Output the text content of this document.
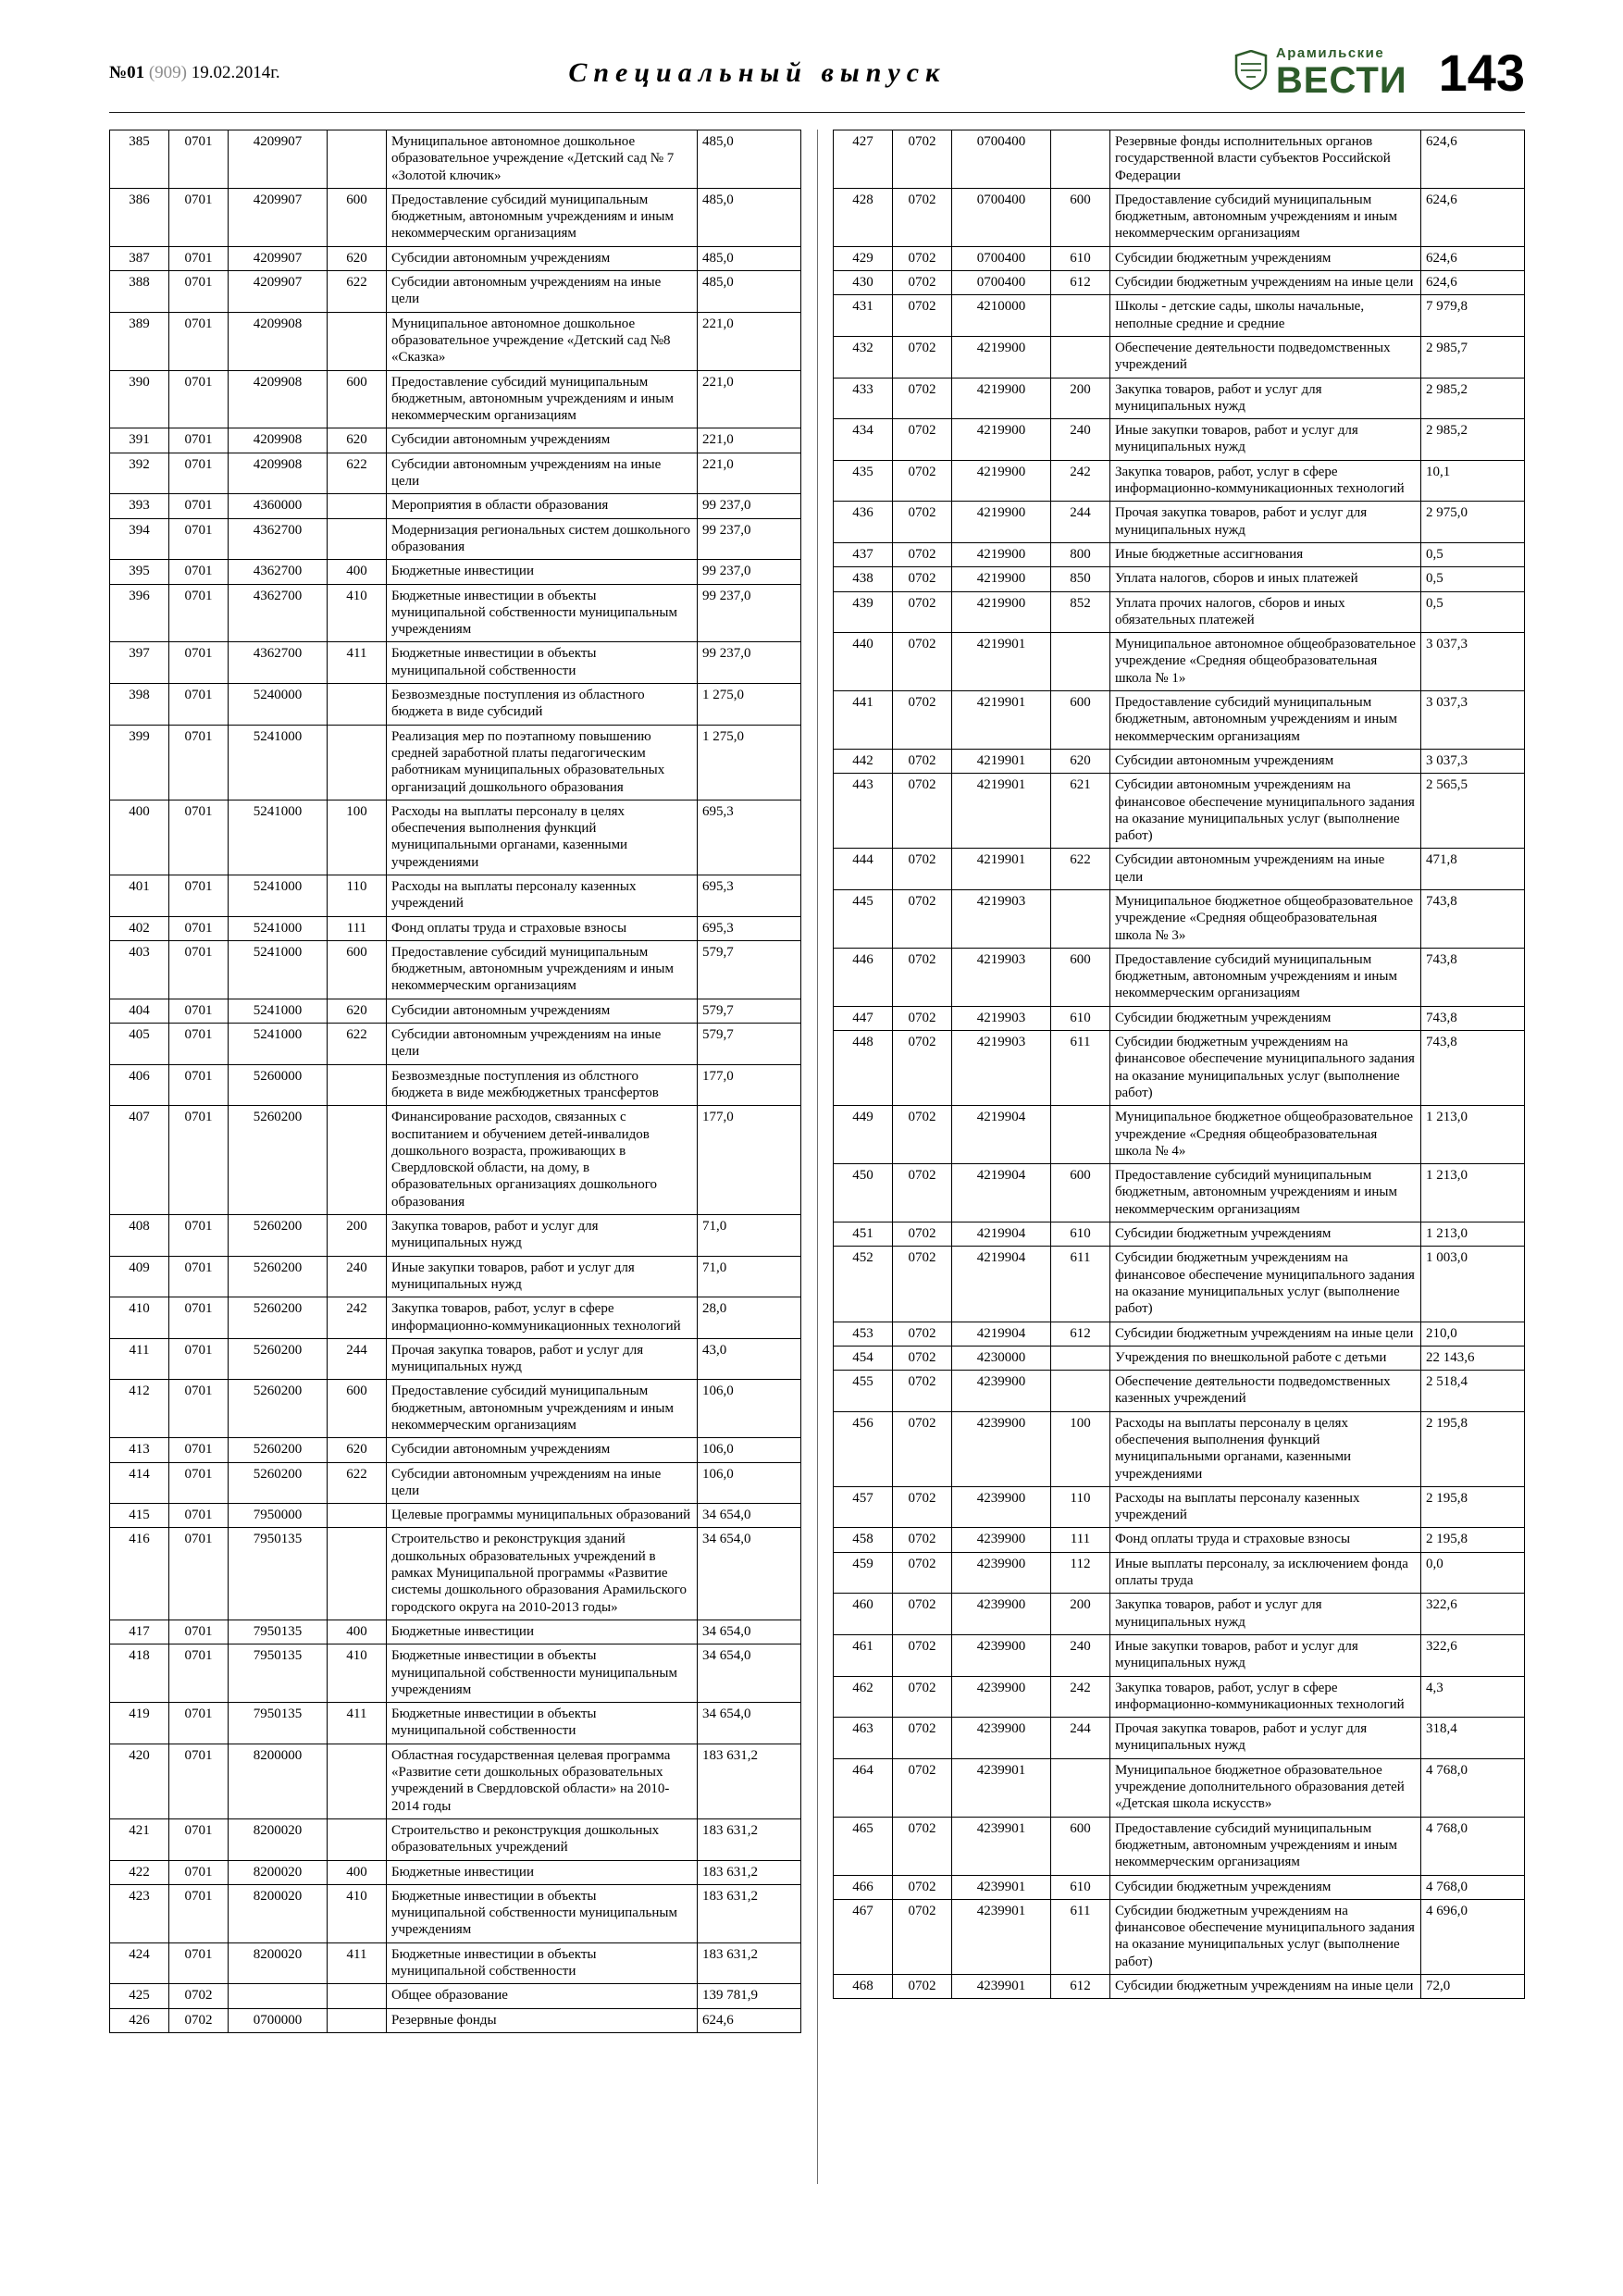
№01 (909) 19.02.2014г.	Специальный выпуск
Арамильские
ВЕСТИ 143
385	0701	4209907		Муниципальное автономное дошкольное образовательное учреждение «Детский сад № 7 «Золотой ключик»	485,0
386	0701	4209907	600	Предоставление субсидий муниципальным бюджетным, автономным учреждениям и иным некоммерческим организациям	485,0
387	0701	4209907	620	Субсидии автономным учреждениям	485,0
388	0701	4209907	622	Субсидии автономным учреждениям на иные цели	485,0
389	0701	4209908		Муниципальное автономное дошкольное образовательное учреждение «Детский сад №8 «Сказка»	221,0
390	0701	4209908	600	Предоставление субсидий муниципальным бюджетным, автономным учреждениям и иным некоммерческим организациям	221,0
391	0701	4209908	620	Субсидии автономным учреждениям	221,0
392	0701	4209908	622	Субсидии автономным учреждениям на иные цели	221,0
393	0701	4360000		Мероприятия в области образования	99 237,0
394	0701	4362700		Модернизация региональных систем дошкольного образования	99 237,0
395	0701	4362700	400	Бюджетные инвестиции	99 237,0
396	0701	4362700	410	Бюджетные инвестиции в объекты муниципальной собственности муниципальным учреждениям	99 237,0
397	0701	4362700	411	Бюджетные инвестиции в объекты муниципальной собственности	99 237,0
398	0701	5240000		Безвозмездные поступления из областного бюджета в виде субсидий	1 275,0
399	0701	5241000		Реализация мер по поэтапному повышению средней заработной платы педагогическим работникам муниципальных образовательных организаций дошкольного образования	1 275,0
400	0701	5241000	100	Расходы на выплаты персоналу в целях обеспечения выполнения функций муниципальными органами, казенными учреждениями	695,3
401	0701	5241000	110	Расходы на выплаты персоналу казенных учреждений	695,3
402	0701	5241000	111	Фонд оплаты труда и страховые взносы	695,3
403	0701	5241000	600	Предоставление субсидий муниципальным бюджетным, автономным учреждениям и иным некоммерческим организациям	579,7
404	0701	5241000	620	Субсидии автономным учреждениям	579,7
405	0701	5241000	622	Субсидии автономным учреждениям на иные цели	579,7
406	0701	5260000		Безвозмездные поступления из облстного бюджета в виде межбюджетных трансфертов	177,0
407	0701	5260200		Финансирование расходов, связанных с воспитанием и обучением детей-инвалидов дошкольного возраста, проживающих в Свердловской области, на дому, в образовательных организациях дошкольного образования	177,0
408	0701	5260200	200	Закупка товаров, работ и услуг для муниципальных нужд	71,0
409	0701	5260200	240	Иные закупки товаров, работ и услуг для муниципальных нужд	71,0
410	0701	5260200	242	Закупка товаров, работ, услуг в сфере информационно-коммуникационных технологий	28,0
411	0701	5260200	244	Прочая закупка товаров, работ и услуг для муниципальных нужд	43,0
412	0701	5260200	600	Предоставление субсидий муниципальным бюджетным, автономным учреждениям и иным некоммерческим организациям	106,0
413	0701	5260200	620	Субсидии автономным учреждениям	106,0
414	0701	5260200	622	Субсидии автономным учреждениям на иные цели	106,0
415	0701	7950000		Целевые программы муниципальных образований	34 654,0
416	0701	7950135		Строительство и реконструкция зданий дошкольных образовательных учреждений в рамках Муниципальной программы «Развитие системы дошкольного образования Арамильского городского округа на 2010-2013 годы»	34 654,0
417	0701	7950135	400	Бюджетные инвестиции	34 654,0
418	0701	7950135	410	Бюджетные инвестиции в объекты муниципальной собственности муниципальным учреждениям	34 654,0
419	0701	7950135	411	Бюджетные инвестиции в объекты муниципальной собственности	34 654,0
420	0701	8200000		Областная государственная целевая программа «Развитие сети дошкольных образовательных учреждений в Свердловской области» на 2010-2014 годы	183 631,2
421	0701	8200020		Строительство и реконструкция дошкольных образовательных учреждений	183 631,2
422	0701	8200020	400	Бюджетные инвестиции	183 631,2
423	0701	8200020	410	Бюджетные инвестиции в объекты муниципальной собственности муниципальным учреждениям	183 631,2
424	0701	8200020	411	Бюджетные инвестиции в объекты муниципальной собственности	183 631,2
425	0702			Общее образование	139 781,9
426	0702	0700000		Резервные фонды	624,6
427	0702	0700400		Резервные фонды исполнительных органов государственной власти субъектов Российской Федерации	624,6
428	0702	0700400	600	Предоставление субсидий муниципальным бюджетным, автономным учреждениям и иным некоммерческим организациям	624,6
429	0702	0700400	610	Субсидии бюджетным учреждениям	624,6
430	0702	0700400	612	Субсидии бюджетным учреждениям на иные цели	624,6
431	0702	4210000		Школы - детские сады, школы начальные, неполные средние и средние	7 979,8
432	0702	4219900		Обеспечение деятельности подведомственных учреждений	2 985,7
433	0702	4219900	200	Закупка товаров, работ и услуг для муниципальных нужд	2 985,2
434	0702	4219900	240	Иные закупки товаров, работ и услуг для муниципальных нужд	2 985,2
435	0702	4219900	242	Закупка товаров, работ, услуг в сфере информационно-коммуникационных технологий	10,1
436	0702	4219900	244	Прочая закупка товаров, работ и услуг для муниципальных нужд	2 975,0
437	0702	4219900	800	Иные бюджетные ассигнования	0,5
438	0702	4219900	850	Уплата налогов, сборов и иных платежей	0,5
439	0702	4219900	852	Уплата прочих налогов, сборов и иных обязательных платежей	0,5
440	0702	4219901		Муниципальное автономное общеобразовательное учреждение «Средняя общеобразовательная школа № 1»	3 037,3
441	0702	4219901	600	Предоставление субсидий муниципальным бюджетным, автономным учреждениям и иным некоммерческим организациям	3 037,3
442	0702	4219901	620	Субсидии автономным учреждениям	3 037,3
443	0702	4219901	621	Субсидии автономным учреждениям на финансовое обеспечение муниципального задания на оказание муниципальных услуг (выполнение работ)	2 565,5
444	0702	4219901	622	Субсидии автономным учреждениям на иные цели	471,8
445	0702	4219903		Муниципальное бюджетное общеобразовательное учреждение «Средняя общеобразовательная школа № 3»	743,8
446	0702	4219903	600	Предоставление субсидий муниципальным бюджетным, автономным учреждениям и иным некоммерческим организациям	743,8
447	0702	4219903	610	Субсидии бюджетным учреждениям	743,8
448	0702	4219903	611	Субсидии бюджетным учреждениям на финансовое обеспечение муниципального задания на оказание муниципальных услуг (выполнение работ)	743,8
449	0702	4219904		Муниципальное бюджетное общеобразовательное учреждение «Средняя общеобразовательная школа № 4»	1 213,0
450	0702	4219904	600	Предоставление субсидий муниципальным бюджетным, автономным учреждениям и иным некоммерческим организациям	1 213,0
451	0702	4219904	610	Субсидии бюджетным учреждениям	1 213,0
452	0702	4219904	611	Субсидии бюджетным учреждениям на финансовое обеспечение муниципального задания на оказание муниципальных услуг (выполнение работ)	1 003,0
453	0702	4219904	612	Субсидии бюджетным учреждениям на иные цели	210,0
454	0702	4230000		Учреждения по внешкольной работе с детьми	22 143,6
455	0702	4239900		Обеспечение деятельности подведомственных казенных учреждений	2 518,4
456	0702	4239900	100	Расходы на выплаты персоналу в целях обеспечения выполнения функций муниципальными органами, казенными учреждениями	2 195,8
457	0702	4239900	110	Расходы на выплаты персоналу казенных учреждений	2 195,8
458	0702	4239900	111	Фонд оплаты труда и страховые взносы	2 195,8
459	0702	4239900	112	Иные выплаты персоналу, за исключением фонда оплаты труда	0,0
460	0702	4239900	200	Закупка товаров, работ и услуг для муниципальных нужд	322,6
461	0702	4239900	240	Иные закупки товаров, работ и услуг для муниципальных нужд	322,6
462	0702	4239900	242	Закупка товаров, работ, услуг в сфере информационно-коммуникационных технологий	4,3
463	0702	4239900	244	Прочая закупка товаров, работ и услуг для муниципальных нужд	318,4
464	0702	4239901		Муниципальное бюджетное образовательное учреждение дополнительного образования детей «Детская школа искусств»	4 768,0
465	0702	4239901	600	Предоставление субсидий муниципальным бюджетным, автономным учреждениям и иным некоммерческим организациям	4 768,0
466	0702	4239901	610	Субсидии бюджетным учреждениям	4 768,0
467	0702	4239901	611	Субсидии бюджетным учреждениям на финансовое обеспечение муниципального задания на оказание муниципальных услуг (выполнение работ)	4 696,0
468	0702	4239901	612	Субсидии бюджетным учреждениям на иные цели	72,0
